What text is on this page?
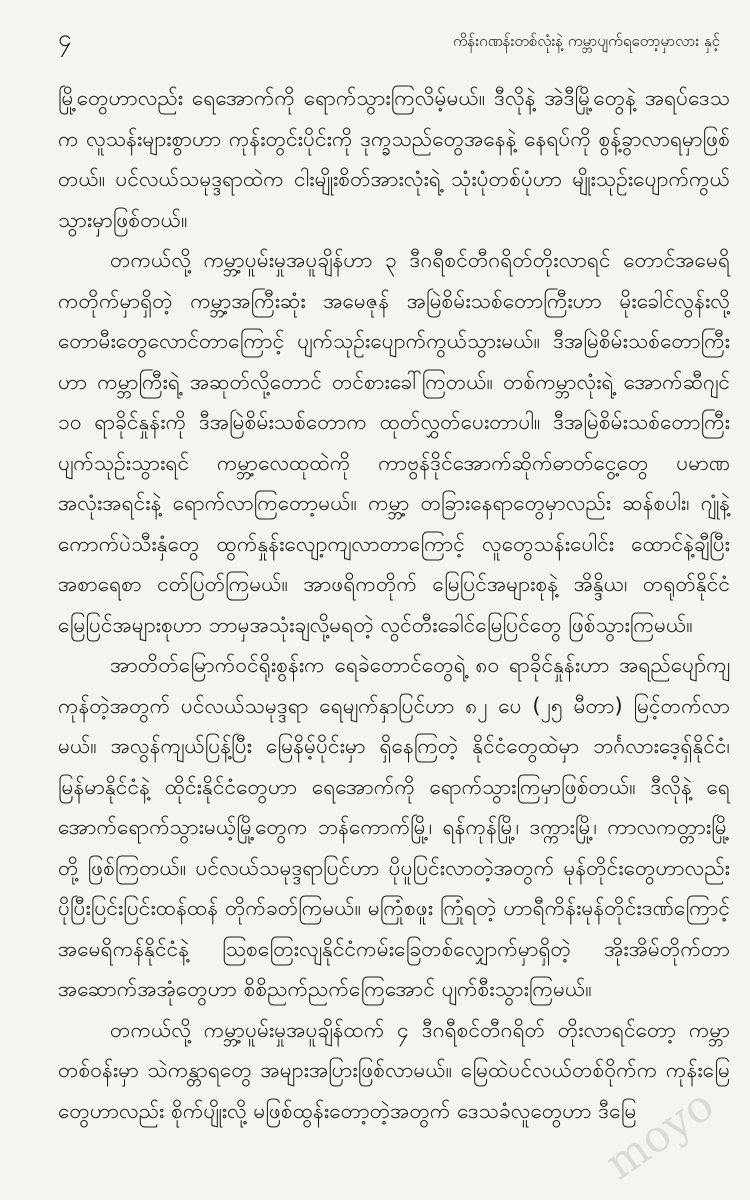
၄	ကိန်းဂဏန်းတစ်လုံးနဲ့ ကမ္ဘာပျက်ရတော့မှာလား နှင့်

မြို့တွေဟာလည်း ရေအောက်ကို ရောက်သွားကြလိမ့်မယ်။ ဒီလိုနဲ့ အဲဒီမြို့တွေနဲ့ အရပ်ဒေသက လူသန်းများစွာဟာ ကုန်းတွင်းပိုင်းကို ဒုက္ခသည်တွေအနေနဲ့ နေရပ်ကို စွန့်ခွာလာရမှာဖြစ်တယ်။ ပင်လယ်သမုဒ္ဒရာထဲက ငါးမျိုးစိတ်အားလုံးရဲ့ သုံးပုံတစ်ပုံဟာ မျိုးသုဉ်းပျောက်ကွယ်သွားမှာဖြစ်တယ်။

တကယ်လို့ ကမ္ဘာ့ပူမ်းမှုအပူချိန်ဟာ ၃ ဒီဂရီစင်တီဂရိတ်တိုးလာရင် တောင်အမေရိကတိုက်မှာရှိတဲ့ ကမ္ဘာ့အကြီးဆုံး အမေဇုန် အမြဲစိမ်းသစ်တောကြီးဟာ မိုးခေါင်လွန်းလို့ တောမီးတွေလောင်တာကြောင့် ပျက်သုဉ်းပျောက်ကွယ်သွားမယ်။ ဒီအမြဲစိမ်းသစ်တောကြီးဟာ ကမ္ဘာကြီးရဲ့ အဆုတ်လို့တောင် တင်စားခေါ်ကြတယ်။ တစ်ကမ္ဘာလုံးရဲ့ အောက်ဆီဂျင် ၁၀ ရာခိုင်နှုန်းကို ဒီအမြဲစိမ်းသစ်တောက ထုတ်လွှတ်ပေးတာပါ။ ဒီအမြဲစိမ်းသစ်တောကြီး ပျက်သုဉ်းသွားရင် ကမ္ဘာ့လေထုထဲကို ကာဗွန်ဒိုင်အောက်ဆိုက်ဓာတ်ငွေ့တွေ ပမာဏအလုံးအရင်းနဲ့ ရောက်လာကြတော့မယ်။ ကမ္ဘာ့ တခြားနေရာတွေမှာလည်း ဆန်စပါး၊ ဂျုံနဲ့ ကောက်ပဲသီးနှံတွေ ထွက်နှုန်းလျော့ကျလာတာကြောင့် လူတွေသန်းပေါင်း ထောင်နဲ့ချီပြီး အစာရေစာ ငတ်ပြတ်ကြမယ်။ အာဖရိကတိုက် မြေပြင်အများစုနဲ့ အိန္ဒိယ၊ တရုတ်နိုင်ငံ မြေပြင်အများစုဟာ ဘာမှအသုံးချလို့မရတဲ့ လွင်တီးခေါင်မြေပြင်တွေ ဖြစ်သွားကြမယ်။

အာတိတ်မြောက်ဝင်ရိုးစွန်းက ရေခဲတောင်တွေရဲ့ ၈၀ ရာခိုင်နှုန်းဟာ အရည်ပျော်ကျကုန်တဲ့အတွက် ပင်လယ်သမုဒ္ဒရာ ရေမျက်နှာပြင်ဟာ ၈၂ ပေ (၂၅ မီတာ) မြင့်တက်လာမယ်။ အလွန်ကျယ်ပြန့်ပြီး မြေနိမ့်ပိုင်းမှာ ရှိနေကြတဲ့ နိုင်ငံတွေထဲမှာ ဘင်္ဂလားဒေ့ရှ်နိုင်ငံ၊ မြန်မာနိုင်ငံနဲ့ ထိုင်းနိုင်ငံတွေဟာ ရေအောက်ကို ရောက်သွားကြမှာဖြစ်တယ်။ ဒီလိုနဲ့ ရေအောက်ရောက်သွားမယ့်မြို့တွေက ဘန်ကောက်မြို့၊ ရန်ကုန်မြို့၊ ဒက္ကားမြို့၊ ကာလကတ္တားမြို့တို့ ဖြစ်ကြတယ်။ ပင်လယ်သမုဒ္ဒရာပြင်ဟာ ပိုပူပြင်းလာတဲ့အတွက် မုန်တိုင်းတွေဟာလည်း ပိုပြီးပြင်းပြင်းထန်ထန် တိုက်ခတ်ကြမယ်။ မကြုံစဖူး ကြုံရတဲ့ ဟာရီကိန်းမုန်တိုင်းဒဏ်ကြောင့် အမေရိကန်နိုင်ငံနဲ့ ဩစတြေးလျနိုင်ငံကမ်းခြေတစ်လျှောက်မှာရှိတဲ့ အိုးအိမ်တိုက်တာ အဆောက်အအုံတွေဟာ စိစိညက်ညက်ကြေအောင် ပျက်စီးသွားကြမယ်။

တကယ်လို့ ကမ္ဘာ့ပူမ်းမှုအပူချိန်ထက် ၄ ဒီဂရီစင်တီဂရိတ် တိုးလာရင်တော့ ကမ္ဘာတစ်ဝန်းမှာ သဲကန္တာရတွေ အများအပြားဖြစ်လာမယ်။ မြေထဲပင်လယ်တစ်ဝိုက်က ကုန်းမြေတွေဟာလည်း စိုက်ပျိုးလို့ မဖြစ်ထွန်းတော့တဲ့အတွက် ဒေသခံလူတွေဟာ ဒီမြေ

moyo
